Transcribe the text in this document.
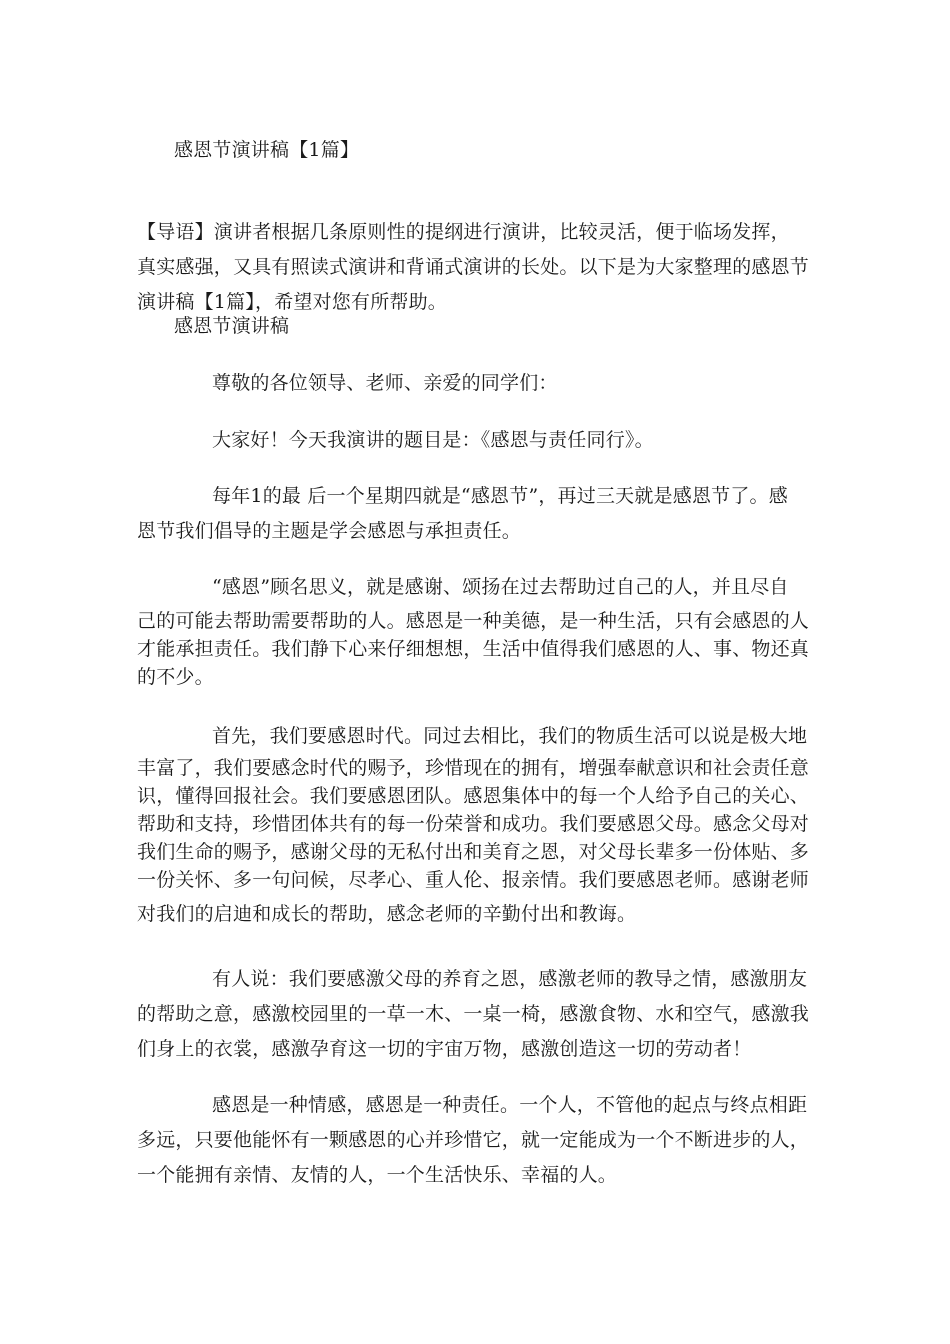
感恩节演讲稿【1篇】
【导语】演讲者根据几条原则性的提纲进行演讲，比较灵活，便于临场发挥，
真实感强，又具有照读式演讲和背诵式演讲的长处。以下是为大家整理的感恩节
演讲稿【1篇】，希望对您有所帮助。
感恩节演讲稿
尊敬的各位领导、老师、亲爱的同学们：
大家好！今天我演讲的题目是：《感恩与责任同行》。
每年1的最 后一个星期四就是“感恩节”，再过三天就是感恩节了。感
恩节我们倡导的主题是学会感恩与承担责任。
“感恩”顾名思义，就是感谢、颂扬在过去帮助过自己的人，并且尽自
己的可能去帮助需要帮助的人。感恩是一种美德，是一种生活，只有会感恩的人
才能承担责任。我们静下心来仔细想想，生活中值得我们感恩的人、事、物还真
的不少。
首先，我们要感恩时代。同过去相比，我们的物质生活可以说是极大地
丰富了，我们要感念时代的赐予，珍惜现在的拥有，增强奉献意识和社会责任意
识，懂得回报社会。我们要感恩团队。感恩集体中的每一个人给予自己的关心、
帮助和支持，珍惜团体共有的每一份荣誉和成功。我们要感恩父母。感念父母对
我们生命的赐予，感谢父母的无私付出和美育之恩，对父母长辈多一份体贴、多
一份关怀、多一句问候，尽孝心、重人伦、报亲情。我们要感恩老师。感谢老师
对我们的启迪和成长的帮助，感念老师的辛勤付出和教诲。
有人说：我们要感激父母的养育之恩，感激老师的教导之情，感激朋友
的帮助之意，感激校园里的一草一木、一桌一椅，感激食物、水和空气，感激我
们身上的衣裳，感激孕育这一切的宇宙万物，感激创造这一切的劳动者！
感恩是一种情感，感恩是一种责任。一个人，不管他的起点与终点相距
多远，只要他能怀有一颗感恩的心并珍惜它，就一定能成为一个不断进步的人，
一个能拥有亲情、友情的人，一个生活快乐、幸福的人。
